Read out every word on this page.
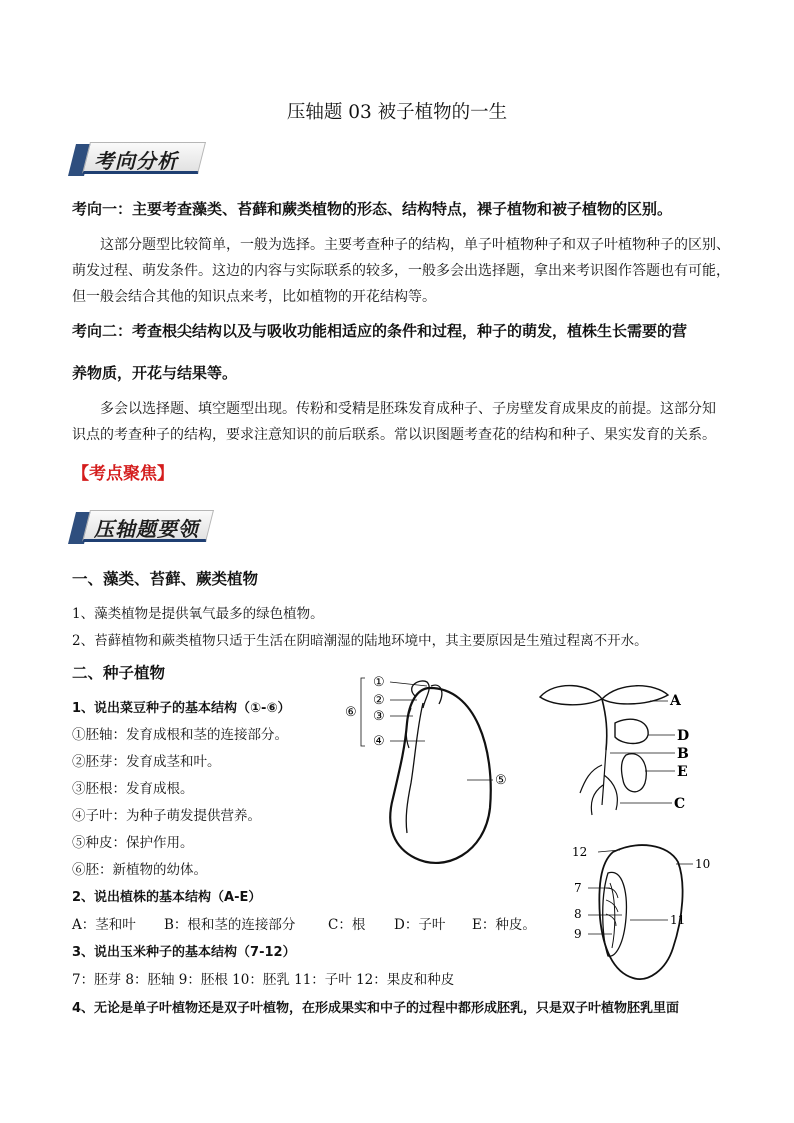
压轴题 03 被子植物的一生
考向分析
考向一：主要考查藻类、苔藓和蕨类植物的形态、结构特点，裸子植物和被子植物的区别。
这部分题型比较简单，一般为选择。主要考查种子的结构，单子叶植物种子和双子叶植物种子的区别、
萌发过程、萌发条件。这边的内容与实际联系的较多，一般多会出选择题，拿出来考识图作答题也有可能，
但一般会结合其他的知识点来考，比如植物的开花结构等。
考向二：考查根尖结构以及与吸收功能相适应的条件和过程，种子的萌发，植株生长需要的营
养物质，开花与结果等。
多会以选择题、填空题型出现。传粉和受精是胚珠发育成种子、子房壁发育成果皮的前提。这部分知
识点的考查种子的结构，要求注意知识的前后联系。常以识图题考查花的结构和种子、果实发育的关系。
【考点聚焦】
压轴题要领
一、藻类、苔藓、蕨类植物
1、藻类植物是提供氧气最多的绿色植物。
2、苔藓植物和蕨类植物只适于生活在阴暗潮湿的陆地环境中，其主要原因是生殖过程离不开水。
二、种子植物
1、说出菜豆种子的基本结构（①-⑥）
①胚轴：发育成根和茎的连接部分。
②胚芽：发育成茎和叶。
③胚根：发育成根。
④子叶：为种子萌发提供营养。
⑤种皮：保护作用。
⑥胚：新植物的幼体。
2、说出植株的基本结构（A-E）
A：茎和叶 B：根和茎的连接部分 C：根 D：子叶 E：种皮。
3、说出玉米种子的基本结构（7-12）
7：胚芽 8：胚轴 9：胚根 10：胚乳 11：子叶 12：果皮和种皮
4、无论是单子叶植物还是双子叶植物，在形成果实和中子的过程中都形成胚乳，只是双子叶植物胚乳里面
①
②
③
④
⑤
⑥
A
D
B
E
C
12
10
7
8	11
9
